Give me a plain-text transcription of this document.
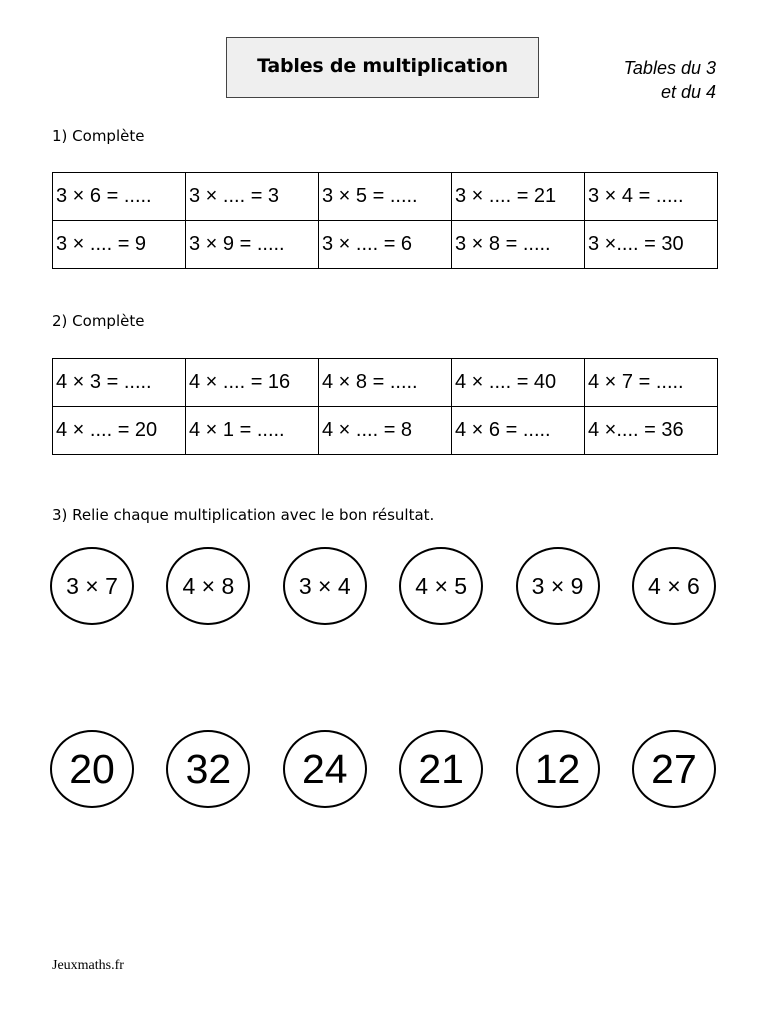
Tables de multiplication	Tables du 3
et du 4
1) Complète
3 × 6 = .....	3 × .... = 3	3 × 5 = .....	3 × .... = 21	3 × 4 = .....
3 × .... = 9	3 × 9 = .....	3 × .... = 6	3 × 8 = .....	3 ×.... = 30
2) Complète
4 × 3 = .....	4 × .... = 16	4 × 8 = .....	4 × .... = 40	4 × 7 = .....
4 × .... = 20	4 × 1 = .....	4 × .... = 8	4 × 6 = .....	4 ×.... = 36
3) Relie chaque multiplication avec le bon résultat.
3 × 7	4 × 8	3 × 4	4 × 5	3 × 9	4 × 6
20	32	24	21	12	27
Jeuxmaths.fr
